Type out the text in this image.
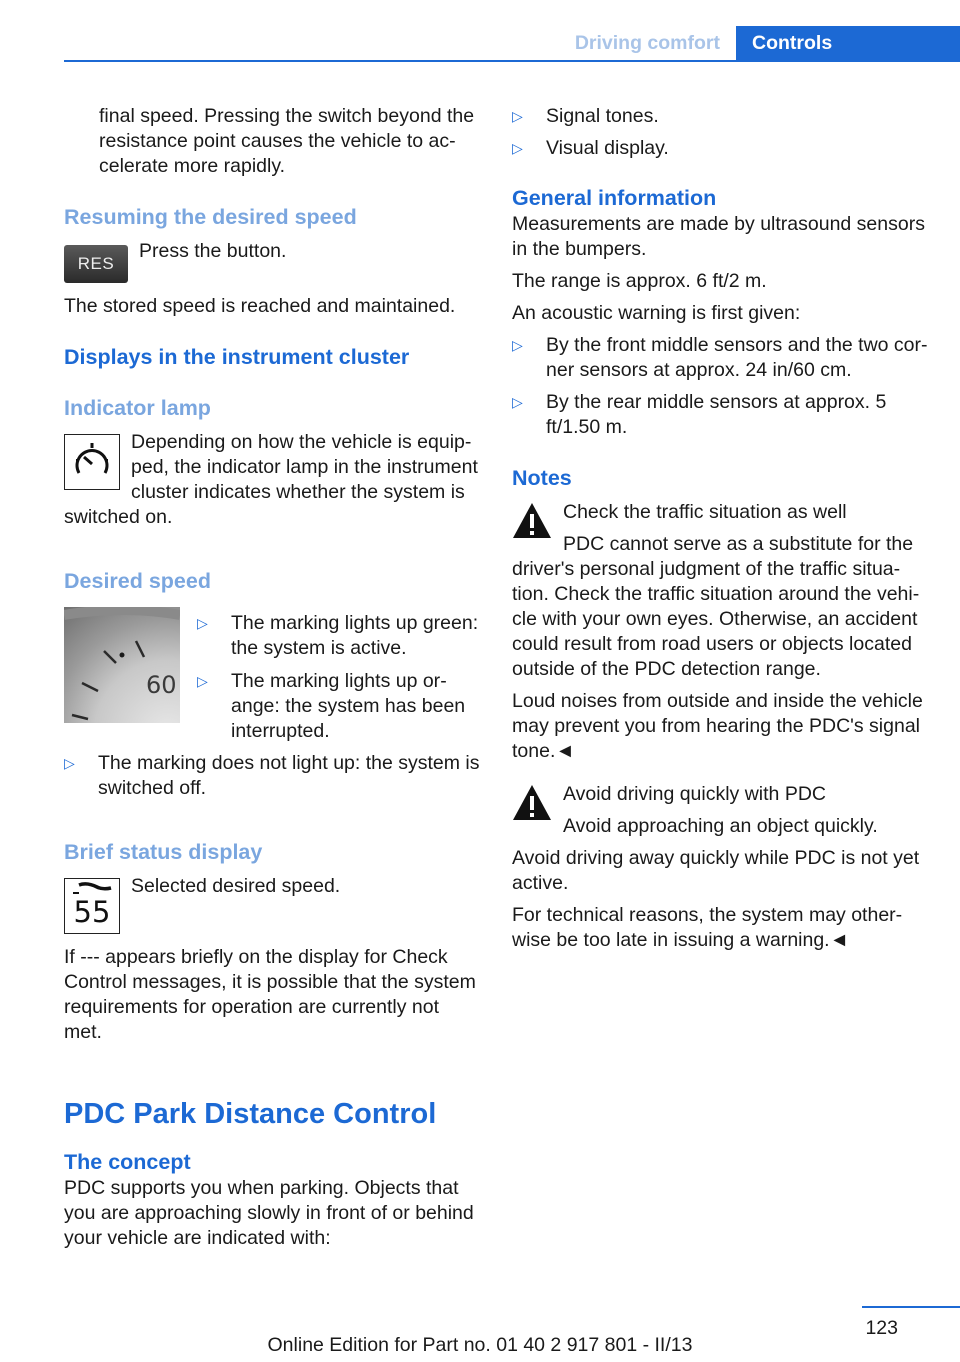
Driving comfort	Controls

final speed. Pressing the switch beyond the resistance point causes the vehicle to accelerate more rapidly.

Resuming the desired speed
RES

Press the button.

The stored speed is reached and maintained.

Displays in the instrument cluster
Indicator lamp

Depending on how the vehicle is equipped, the indicator lamp in the instrument cluster indicates whether the system is

switched on.

Desired speed
60
▷ The marking lights up green: the system is active.
▷ The marking lights up orange: the system has been interrupted.
▷ The marking does not light up: the system is switched off.
Brief status display
55

Selected desired speed.

If --- appears briefly on the display for Check Control messages, it is possible that the system requirements for operation are currently not met.

PDC Park Distance Control
The concept

PDC supports you when parking. Objects that you are approaching slowly in front of or behind your vehicle are indicated with:

▷ Signal tones.
▷ Visual display.
General information

Measurements are made by ultrasound sensors in the bumpers.

The range is approx. 6 ft/2 m.

An acoustic warning is first given:

▷ By the front middle sensors and the two corner sensors at approx. 24 in/60 cm.
▷ By the rear middle sensors at approx. 5 ft/1.50 m.
Notes

Check the traffic situation as well

PDC cannot serve as a substitute for the

driver's personal judgment of the traffic situation. Check the traffic situation around the vehicle with your own eyes. Otherwise, an accident could result from road users or objects located outside of the PDC detection range.

Loud noises from outside and inside the vehicle may prevent you from hearing the PDC's signal tone.◄

Avoid driving quickly with PDC

Avoid approaching an object quickly.

Avoid driving away quickly while PDC is not yet active.

For technical reasons, the system may otherwise be too late in issuing a warning.◄

123
Online Edition for Part no. 01 40 2 917 801 - II/13
